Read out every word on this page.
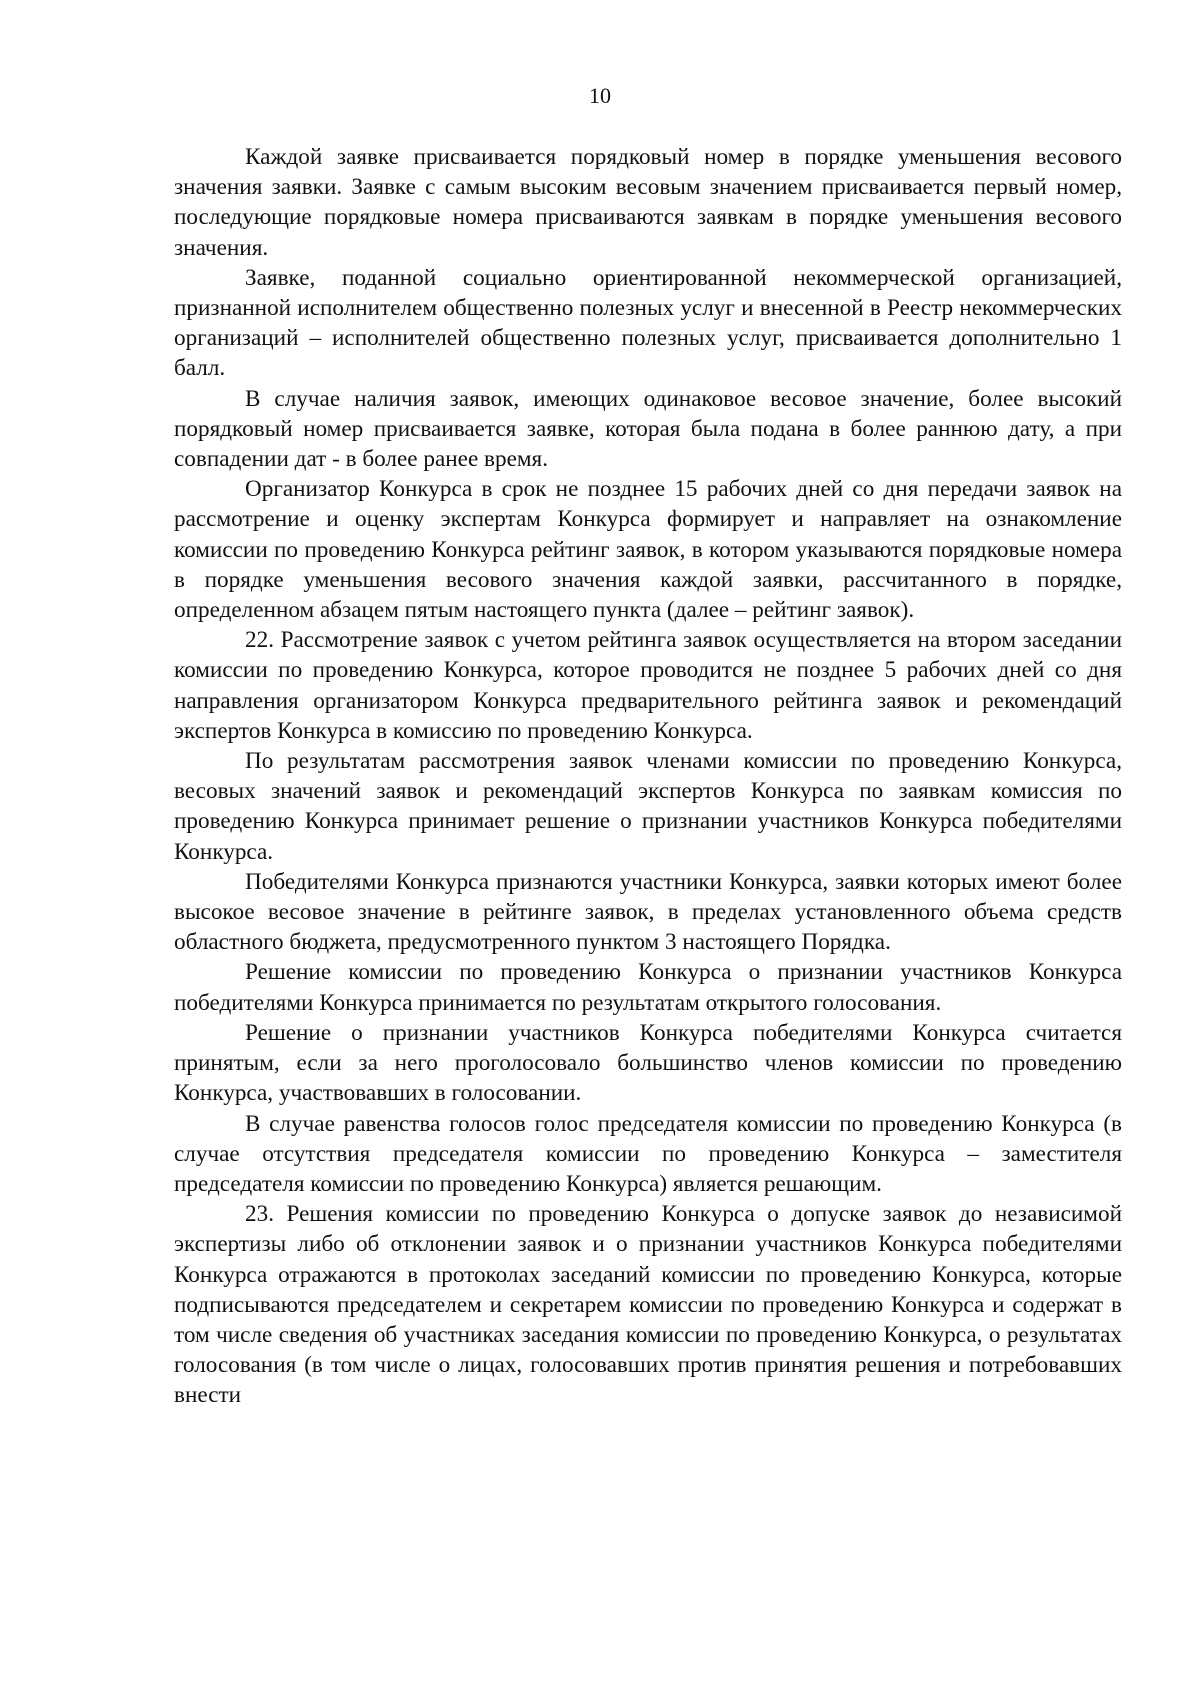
10

Каждой заявке присваивается порядковый номер в порядке уменьшения весового значения заявки. Заявке с самым высоким весовым значением присваивается первый номер, последующие порядковые номера присваиваются заявкам в порядке уменьшения весового значения.

Заявке, поданной социально ориентированной некоммерческой организацией, признанной исполнителем общественно полезных услуг и внесенной в Реестр некоммерческих организаций – исполнителей общественно полезных услуг, присваивается дополнительно 1 балл.

В случае наличия заявок, имеющих одинаковое весовое значение, более высокий порядковый номер присваивается заявке, которая была подана в более раннюю дату, а при совпадении дат - в более ранее время.

Организатор Конкурса в срок не позднее 15 рабочих дней со дня передачи заявок на рассмотрение и оценку экспертам Конкурса формирует и направляет на ознакомление комиссии по проведению Конкурса рейтинг заявок, в котором указываются порядковые номера в порядке уменьшения весового значения каждой заявки, рассчитанного в порядке, определенном абзацем пятым настоящего пункта (далее – рейтинг заявок).

22. Рассмотрение заявок с учетом рейтинга заявок осуществляется на втором заседании комиссии по проведению Конкурса, которое проводится не позднее 5 рабочих дней со дня направления организатором Конкурса предварительного рейтинга заявок и рекомендаций экспертов Конкурса в комиссию по проведению Конкурса.

По результатам рассмотрения заявок членами комиссии по проведению Конкурса, весовых значений заявок и рекомендаций экспертов Конкурса по заявкам комиссия по проведению Конкурса принимает решение о признании участников Конкурса победителями Конкурса.

Победителями Конкурса признаются участники Конкурса, заявки которых имеют более высокое весовое значение в рейтинге заявок, в пределах установленного объема средств областного бюджета, предусмотренного пунктом 3 настоящего Порядка.

Решение комиссии по проведению Конкурса о признании участников Конкурса победителями Конкурса принимается по результатам открытого голосования.

Решение о признании участников Конкурса победителями Конкурса считается принятым, если за него проголосовало большинство членов комиссии по проведению Конкурса, участвовавших в голосовании.

В случае равенства голосов голос председателя комиссии по проведению Конкурса (в случае отсутствия председателя комиссии по проведению Конкурса – заместителя председателя комиссии по проведению Конкурса) является решающим.

23. Решения комиссии по проведению Конкурса о допуске заявок до независимой экспертизы либо об отклонении заявок и о признании участников Конкурса победителями Конкурса отражаются в протоколах заседаний комиссии по проведению Конкурса, которые подписываются председателем и секретарем комиссии по проведению Конкурса и содержат в том числе сведения об участниках заседания комиссии по проведению Конкурса, о результатах голосования (в том числе о лицах, голосовавших против принятия решения и потребовавших внести
